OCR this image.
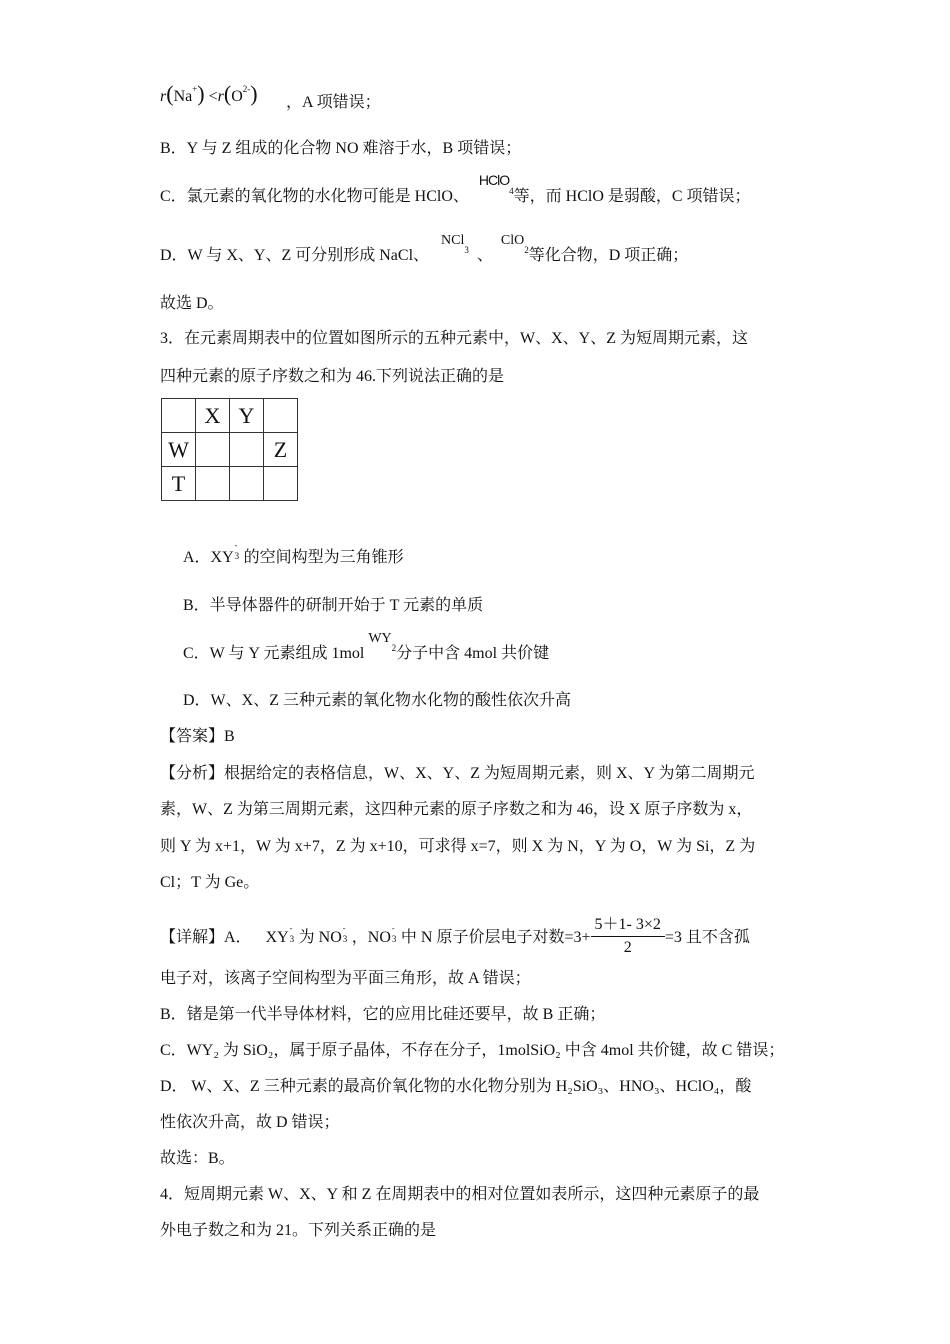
$r(Na^+) <r(O^{2-})$ ，A 项错误；
B．Y 与 Z 组成的化合物 NO 难溶于水，B 项错误；
C．氯元素的氧化物的水化物可能是 HClO、HClO$^4$等，而 HClO 是弱酸，C 项错误；
D．W 与 X、Y、Z 可分别形成 NaCl、NCl$^3$ 、ClO$^2$等化合物，D 项正确；
故选 D。
3．在元素周期表中的位置如图所示的五种元素中，W、X、Y、Z 为短周期元素，这
四种元素的原子序数之和为 46.下列说法正确的是
	X	Y	
W			Z
T			
A．XY
-
3 的空间构型为三角锥形
B．半导体器件的研制开始于 T 元素的单质
C．W 与 Y 元素组成 1molWY$^2$分子中含 4mol 共价键
D．W、X、Z 三种元素的氧化物水化物的酸性依次升高
【答案】B
【分析】根据给定的表格信息，W、X、Y、Z 为短周期元素，则 X、Y 为第二周期元
素，W、Z 为第三周期元素，这四种元素的原子序数之和为 46，设 X 原子序数为 x，
则 Y 为 x+1，W 为 x+7，Z 为 x+10，可求得 x=7，则 X 为 N，Y 为 O，W 为 Si，Z 为
Cl；T 为 Ge。
【详解】A． XY
-
3 为 NO
-
3 ，NO
-
3 中 N 原子价层电子对数$=3+ \frac{5+1- 3\times 2}{2} =3$ 且不含孤
电子对，该离子空间构型为平面三角形，故 A 错误；
B．锗是第一代半导体材料，它的应用比硅还要早，故 B 正确；
C．WY₂ 为 SiO₂，属于原子晶体，不存在分子，1molSiO₂ 中含 4mol 共价键，故 C 错误；
D． W、X、Z 三种元素的最高价氧化物的水化物分别为 H₂SiO₃、HNO₃、HClO₄，酸
性依次升高，故 D 错误；
故选：B。
4．短周期元素 W、X、Y 和 Z 在周期表中的相对位置如表所示，这四种元素原子的最
外电子数之和为 21。下列关系正确的是
